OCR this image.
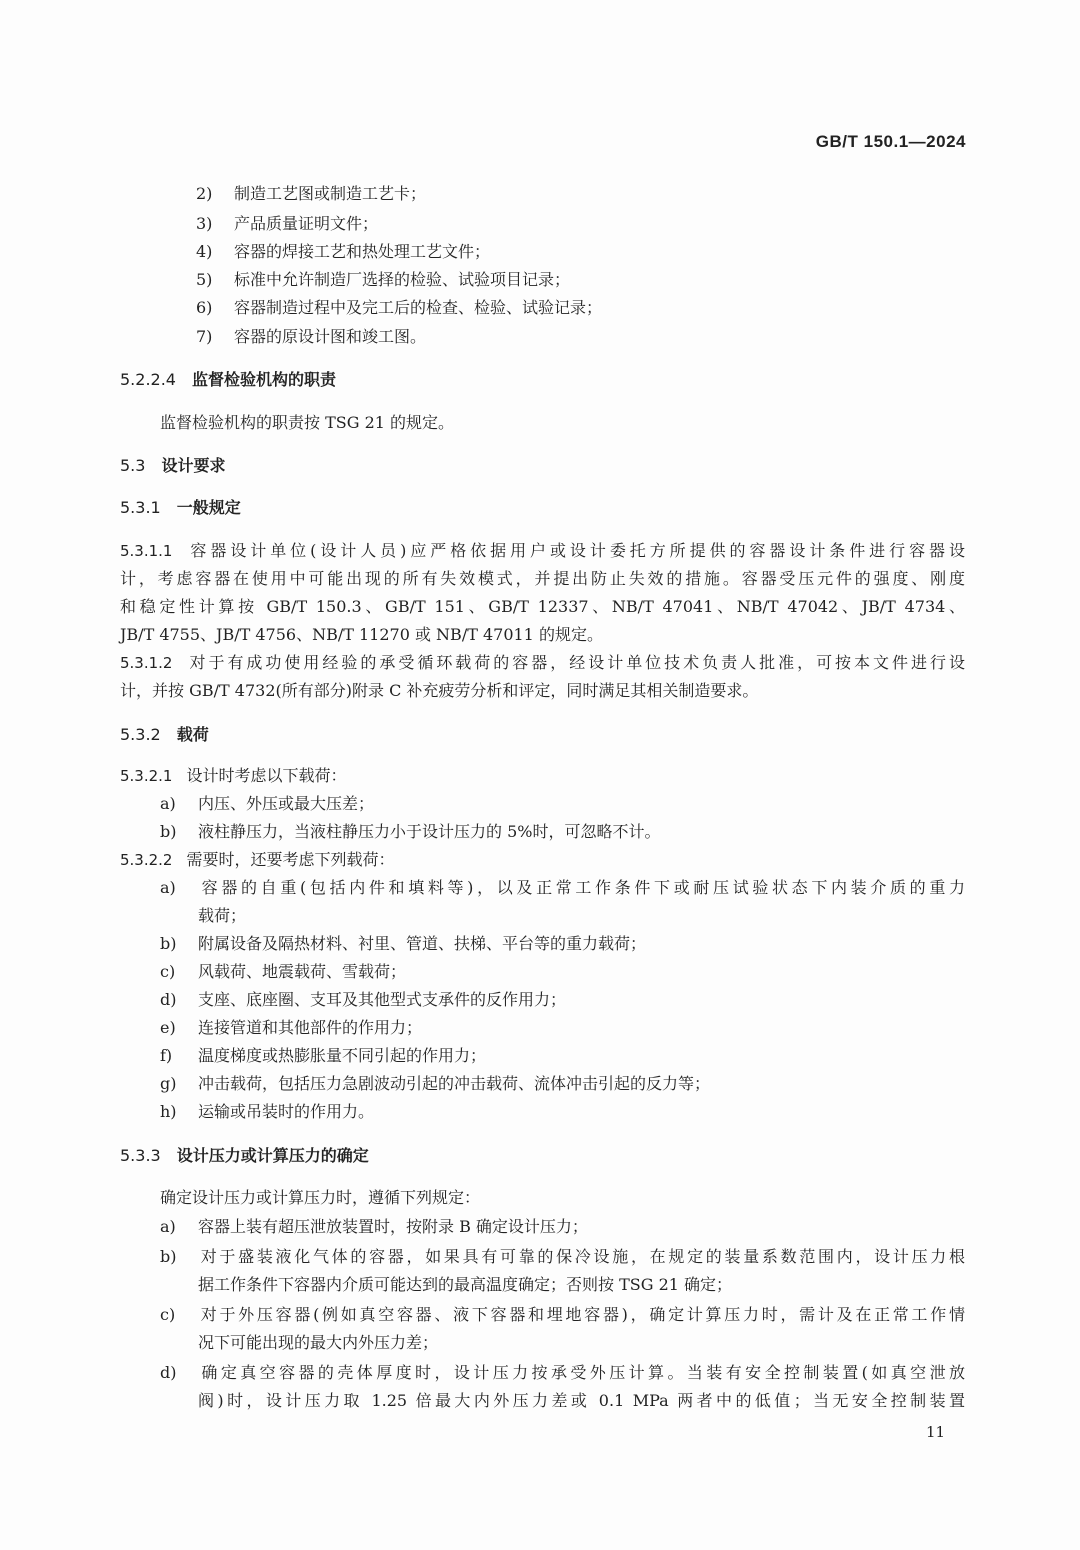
GB/T 150.1—2024
2) 制造工艺图或制造工艺卡；
3) 产品质量证明文件；
4) 容器的焊接工艺和热处理工艺文件；
5) 标准中允许制造厂选择的检验、试验项目记录；
6) 容器制造过程中及完工后的检查、检验、试验记录；
7) 容器的原设计图和竣工图。
5.2.2.4 监督检验机构的职责
监督检验机构的职责按 TSG 21 的规定。
5.3 设计要求
5.3.1 一般规定
5.3.1.1 容器设计单位(设计人员)应严格依据用户或设计委托方所提供的容器设计条件进行容器设
计，考虑容器在使用中可能出现的所有失效模式，并提出防止失效的措施。容器受压元件的强度、刚度
和稳定性计算按 GB/T 150.3、GB/T 151、GB/T 12337、NB/T 47041、NB/T 47042、JB/T 4734、
JB/T 4755、JB/T 4756、NB/T 11270 或 NB/T 47011 的规定。
5.3.1.2 对于有成功使用经验的承受循环载荷的容器，经设计单位技术负责人批准，可按本文件进行设
计，并按 GB/T 4732(所有部分)附录 C 补充疲劳分析和评定，同时满足其相关制造要求。
5.3.2 载荷
5.3.2.1 设计时考虑以下载荷：
a) 内压、外压或最大压差；
b) 液柱静压力，当液柱静压力小于设计压力的 5%时，可忽略不计。
5.3.2.2 需要时，还要考虑下列载荷：
a) 容器的自重(包括内件和填料等)，以及正常工作条件下或耐压试验状态下内装介质的重力
载荷；
b) 附属设备及隔热材料、衬里、管道、扶梯、平台等的重力载荷；
c) 风载荷、地震载荷、雪载荷；
d) 支座、底座圈、支耳及其他型式支承件的反作用力；
e) 连接管道和其他部件的作用力；
f) 温度梯度或热膨胀量不同引起的作用力；
g) 冲击载荷，包括压力急剧波动引起的冲击载荷、流体冲击引起的反力等；
h) 运输或吊装时的作用力。
5.3.3 设计压力或计算压力的确定
确定设计压力或计算压力时，遵循下列规定：
a) 容器上装有超压泄放装置时，按附录 B 确定设计压力；
b) 对于盛装液化气体的容器，如果具有可靠的保冷设施，在规定的装量系数范围内，设计压力根
据工作条件下容器内介质可能达到的最高温度确定；否则按 TSG 21 确定；
c) 对于外压容器(例如真空容器、液下容器和埋地容器)，确定计算压力时，需计及在正常工作情
况下可能出现的最大内外压力差；
d) 确定真空容器的壳体厚度时，设计压力按承受外压计算。当装有安全控制装置(如真空泄放
阀)时，设计压力取 1.25 倍最大内外压力差或 0.1 MPa 两者中的低值；当无安全控制装置
11
